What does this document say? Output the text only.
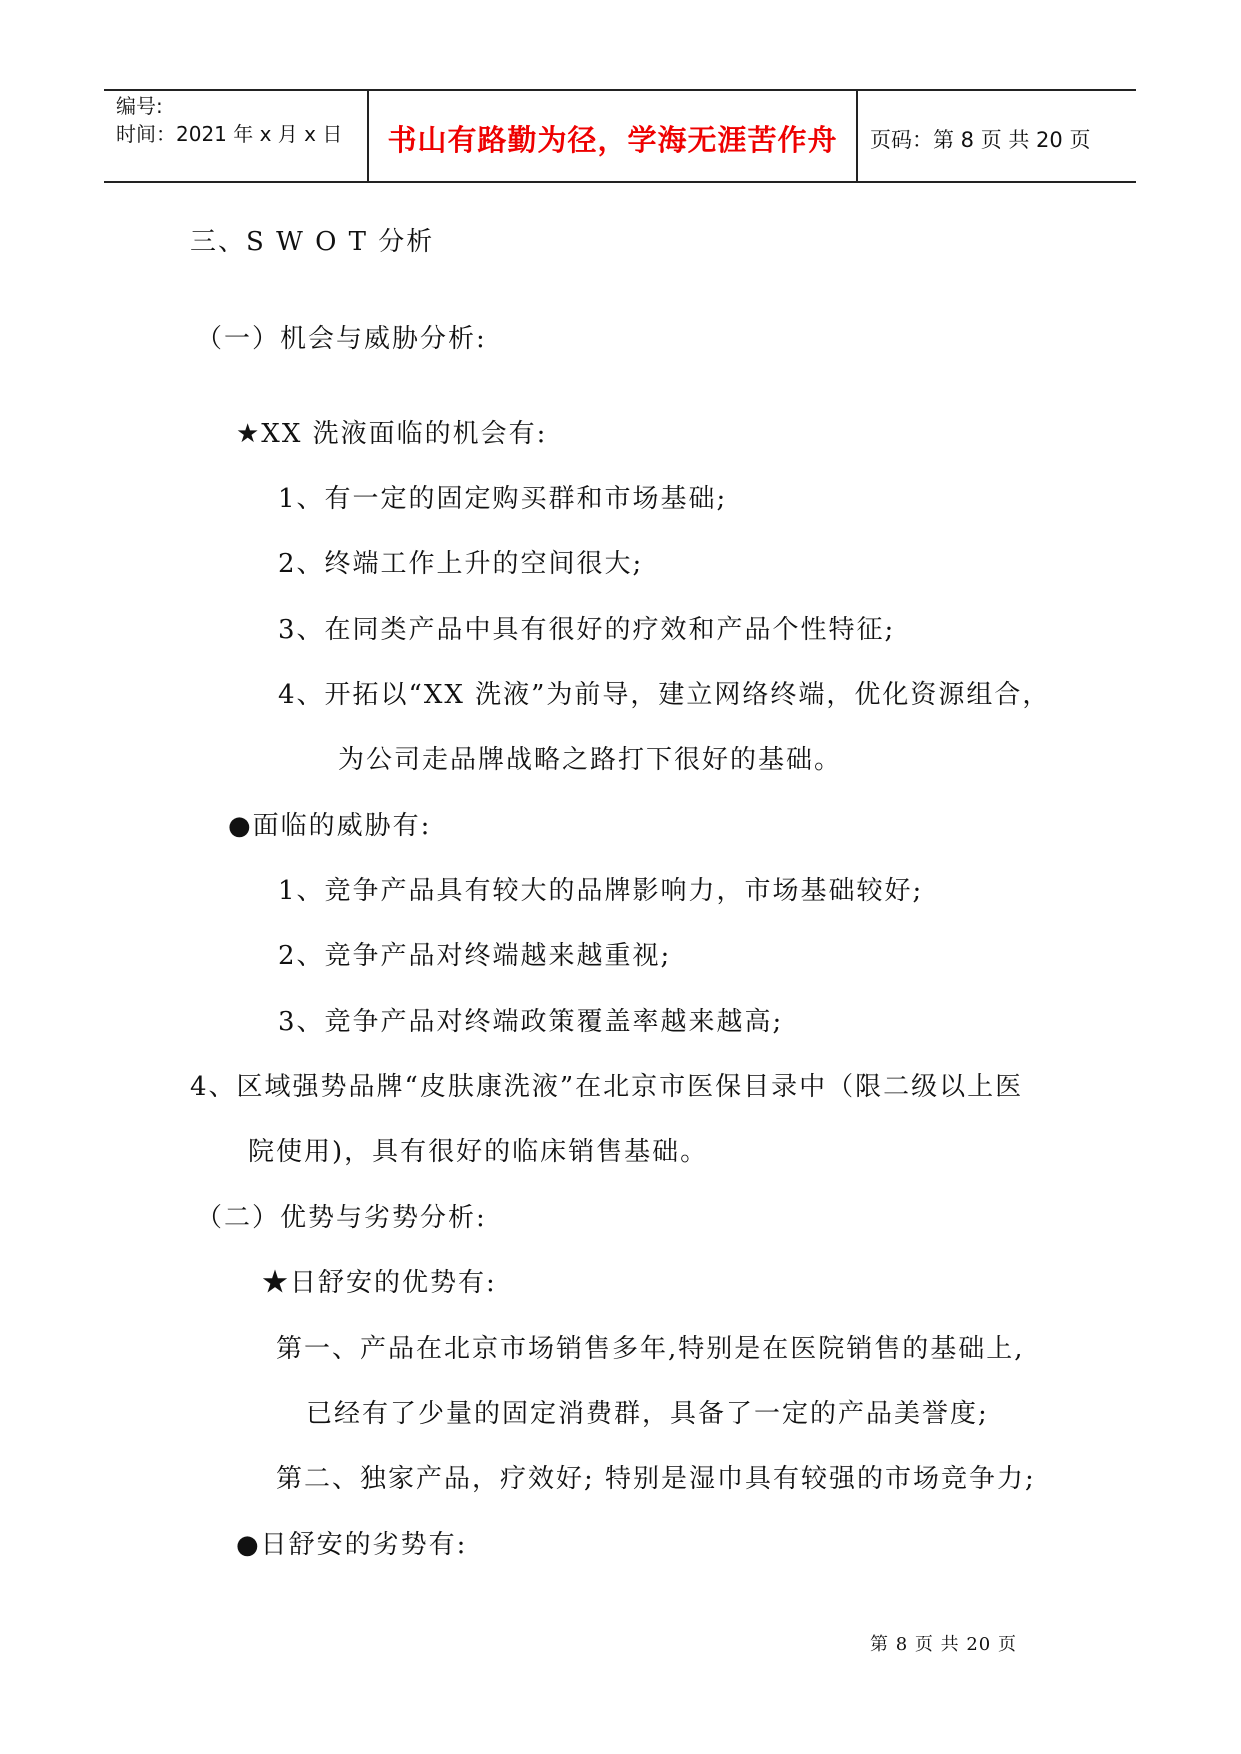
编号:
时间：2021 年 x 月 x 日	书山有路勤为径，学海无涯苦作舟	页码：第 8 页 共 20 页
三、S W O T 分析
（一）机会与威胁分析:
★XX 洗液面临的机会有:
1、有一定的固定购买群和市场基础;
2、终端工作上升的空间很大;
3、在同类产品中具有很好的疗效和产品个性特征;
4、开拓以“XX 洗液”为前导，建立网络终端，优化资源组合，
为公司走品牌战略之路打下很好的基础。
●面临的威胁有:
1、竞争产品具有较大的品牌影响力，市场基础较好;
2、竞争产品对终端越来越重视;
3、竞争产品对终端政策覆盖率越来越高;
4、区域强势品牌“皮肤康洗液”在北京市医保目录中（限二级以上医
院使用)，具有很好的临床销售基础。
（二）优势与劣势分析:
★日舒安的优势有:
第一、产品在北京市场销售多年,特别是在医院销售的基础上,
已经有了少量的固定消费群，具备了一定的产品美誉度;
第二、独家产品，疗效好; 特别是湿巾具有较强的市场竞争力;
●日舒安的劣势有:
第 8 页 共 20 页
